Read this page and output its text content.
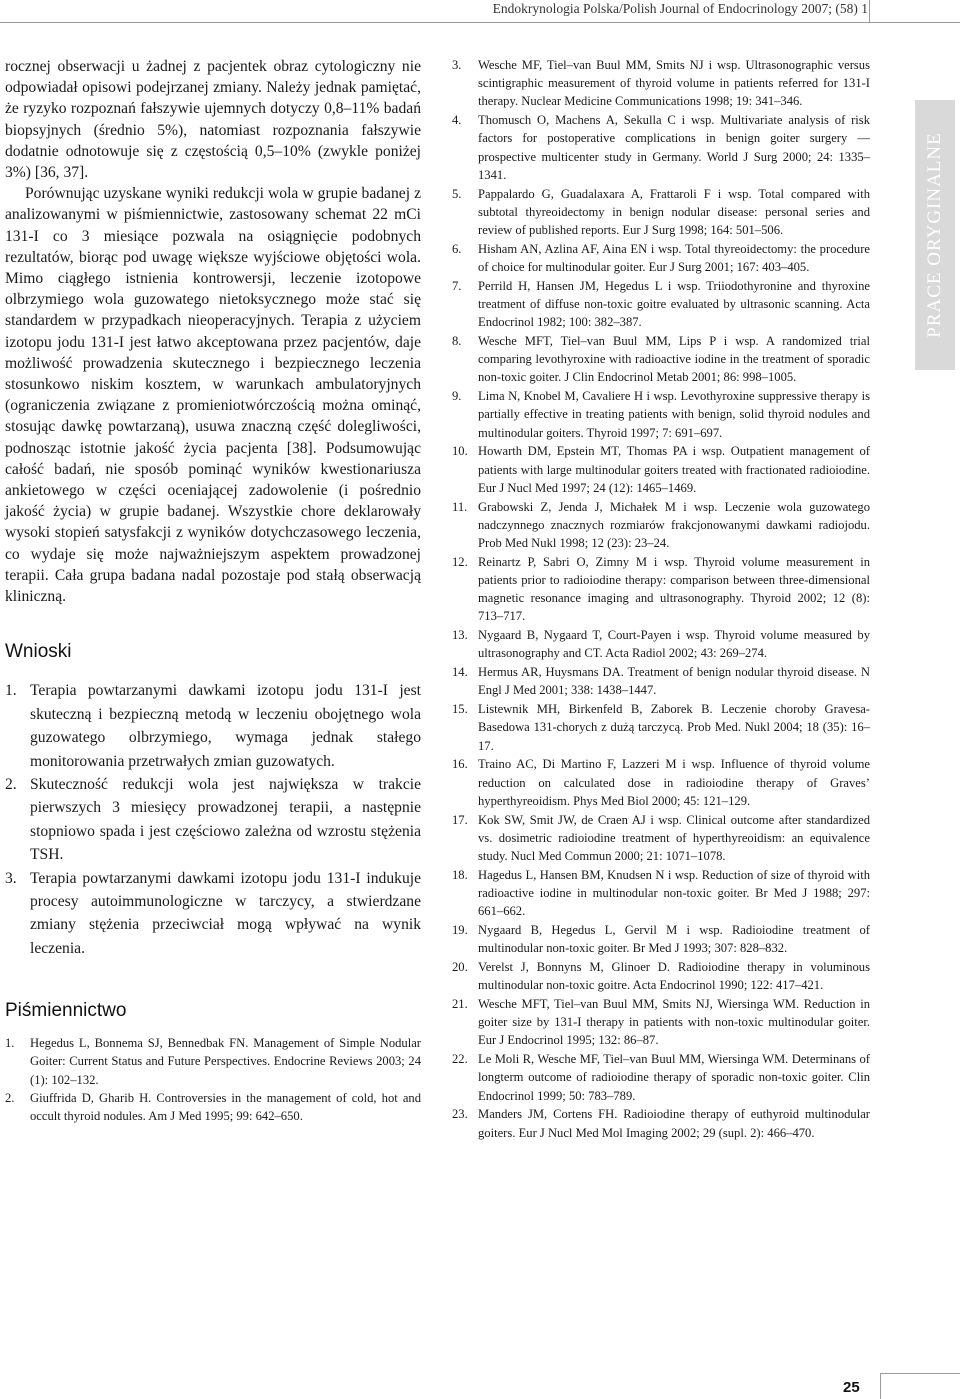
Endokrynologia Polska/Polish Journal of Endocrinology 2007; (58) 1

rocznej obserwacji u żadnej z pacjentek obraz cytologiczny nie odpowiadał opisowi podejrzanej zmiany. Należy jednak pamiętać, że ryzyko rozpoznań fałszywie ujemnych dotyczy 0,8–11% badań biopsyjnych (średnio 5%), natomiast rozpoznania fałszywie dodatnie odnotowuje się z częstością 0,5–10% (zwykle poniżej 3%) [36, 37].

Porównując uzyskane wyniki redukcji wola w grupie badanej z analizowanymi w piśmiennictwie, zastosowany schemat 22 mCi 131-I co 3 miesiące pozwala na osiągnięcie podobnych rezultatów, biorąc pod uwagę większe wyjściowe objętości wola. Mimo ciągłego istnienia kontrowersji, leczenie izotopowe olbrzymiego wola guzowatego nietoksycznego może stać się standardem w przypadkach nieoperacyjnych. Terapia z użyciem izotopu jodu 131-I jest łatwo akceptowana przez pacjentów, daje możliwość prowadzenia skutecznego i bezpiecznego leczenia stosunkowo niskim kosztem, w warunkach ambulatoryjnych (ograniczenia związane z promieniotwórczością można ominąć, stosując dawkę powtarzaną), usuwa znaczną część dolegliwości, podnosząc istotnie jakość życia pacjenta [38]. Podsumowując całość badań, nie sposób pominąć wyników kwestionariusza ankietowego w części oceniającej zadowolenie (i pośrednio jakość życia) w grupie badanej. Wszystkie chore deklarowały wysoki stopień satysfakcji z wyników dotychczasowego leczenia, co wydaje się może najważniejszym aspektem prowadzonej terapii. Cała grupa badana nadal pozostaje pod stałą obserwacją kliniczną.

Wnioski
1. Terapia powtarzanymi dawkami izotopu jodu 131-I jest skuteczną i bezpieczną metodą w leczeniu obojętnego wola guzowatego olbrzymiego, wymaga jednak stałego monitorowania przetrwałych zmian guzowatych.
2. Skuteczność redukcji wola jest największa w trakcie pierwszych 3 miesięcy prowadzonej terapii, a następnie stopniowo spada i jest częściowo zależna od wzrostu stężenia TSH.
3. Terapia powtarzanymi dawkami izotopu jodu 131-I indukuje procesy autoimmunologiczne w tarczycy, a stwierdzane zmiany stężenia przeciwciał mogą wpływać na wynik leczenia.
Piśmiennictwo
1. Hegedus L, Bonnema SJ, Bennedbak FN. Management of Simple Nodular Goiter: Current Status and Future Perspectives. Endocrine Reviews 2003; 24 (1): 102–132.
2. Giuffrida D, Gharib H. Controversies in the management of cold, hot and occult thyroid nodules. Am J Med 1995; 99: 642–650.
3. Wesche MF, Tiel–van Buul MM, Smits NJ i wsp. Ultrasonographic versus scintigraphic measurement of thyroid volume in patients referred for 131-I therapy. Nuclear Medicine Communications 1998; 19: 341–346.
4. Thomusch O, Machens A, Sekulla C i wsp. Multivariate analysis of risk factors for postoperative complications in benign goiter surgery — prospective multicenter study in Germany. World J Surg 2000; 24: 1335–1341.
5. Pappalardo G, Guadalaxara A, Frattaroli F i wsp. Total compared with subtotal thyreoidectomy in benign nodular disease: personal series and review of published reports. Eur J Surg 1998; 164: 501–506.
6. Hisham AN, Azlina AF, Aina EN i wsp. Total thyreoidectomy: the procedure of choice for multinodular goiter. Eur J Surg 2001; 167: 403–405.
7. Perrild H, Hansen JM, Hegedus L i wsp. Triiodothyronine and thyroxine treatment of diffuse non-toxic goitre evaluated by ultrasonic scanning. Acta Endocrinol 1982; 100: 382–387.
8. Wesche MFT, Tiel–van Buul MM, Lips P i wsp. A randomized trial comparing levothyroxine with radioactive iodine in the treatment of sporadic non-toxic goiter. J Clin Endocrinol Metab 2001; 86: 998–1005.
9. Lima N, Knobel M, Cavaliere H i wsp. Levothyroxine suppressive therapy is partially effective in treating patients with benign, solid thyroid nodules and multinodular goiters. Thyroid 1997; 7: 691–697.
10. Howarth DM, Epstein MT, Thomas PA i wsp. Outpatient management of patients with large multinodular goiters treated with fractionated radioiodine. Eur J Nucl Med 1997; 24 (12): 1465–1469.
11. Grabowski Z, Jenda J, Michałek M i wsp. Leczenie wola guzowatego nadczynnego znacznych rozmiarów frakcjonowanymi dawkami radiojodu. Prob Med Nukl 1998; 12 (23): 23–24.
12. Reinartz P, Sabri O, Zimny M i wsp. Thyroid volume measurement in patients prior to radioiodine therapy: comparison between three-dimensional magnetic resonance imaging and ultrasonography. Thyroid 2002; 12 (8): 713–717.
13. Nygaard B, Nygaard T, Court-Payen i wsp. Thyroid volume measured by ultrasonography and CT. Acta Radiol 2002; 43: 269–274.
14. Hermus AR, Huysmans DA. Treatment of benign nodular thyroid disease. N Engl J Med 2001; 338: 1438–1447.
15. Listewnik MH, Birkenfeld B, Zaborek B. Leczenie choroby Gravesa-Basedowa 131-chorych z dużą tarczycą. Prob Med. Nukl 2004; 18 (35): 16–17.
16. Traino AC, Di Martino F, Lazzeri M i wsp. Influence of thyroid volume reduction on calculated dose in radioiodine therapy of Graves’ hyperthyreoidism. Phys Med Biol 2000; 45: 121–129.
17. Kok SW, Smit JW, de Craen AJ i wsp. Clinical outcome after standardized vs. dosimetric radioiodine treatment of hyperthyreoidism: an equivalence study. Nucl Med Commun 2000; 21: 1071–1078.
18. Hagedus L, Hansen BM, Knudsen N i wsp. Reduction of size of thyroid with radioactive iodine in multinodular non-toxic goiter. Br Med J 1988; 297: 661–662.
19. Nygaard B, Hegedus L, Gervil M i wsp. Radioiodine treatment of multinodular non-toxic goiter. Br Med J 1993; 307: 828–832.
20. Verelst J, Bonnyns M, Glinoer D. Radioiodine therapy in voluminous multinodular non-toxic goitre. Acta Endocrinol 1990; 122: 417–421.
21. Wesche MFT, Tiel–van Buul MM, Smits NJ, Wiersinga WM. Reduction in goiter size by 131-I therapy in patients with non-toxic multinodular goiter. Eur J Endocrinol 1995; 132: 86–87.
22. Le Moli R, Wesche MF, Tiel–van Buul MM, Wiersinga WM. Determinans of longterm outcome of radioiodine therapy of sporadic non-toxic goiter. Clin Endocrinol 1999; 50: 783–789.
23. Manders JM, Cortens FH. Radioiodine therapy of euthyroid multinodular goiters. Eur J Nucl Med Mol Imaging 2002; 29 (supl. 2): 466–470.
PRACE ORYGINALNE
25
